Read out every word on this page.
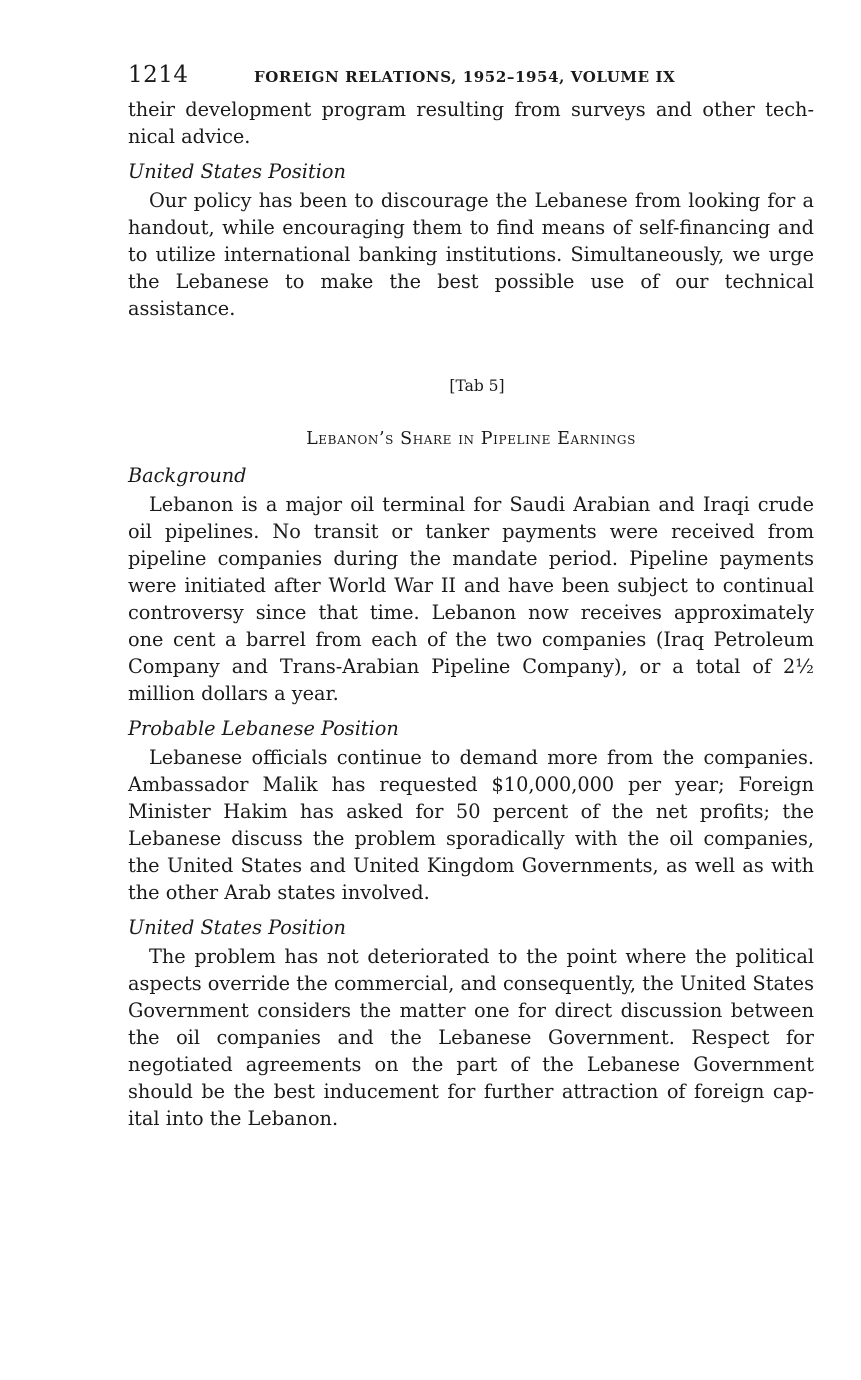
1214	FOREIGN RELATIONS, 1952–1954, VOLUME IX

their development program resulting from surveys and other technical advice.

United States Position

Our policy has been to discourage the Lebanese from looking for a handout, while encouraging them to find means of self-financing and to utilize international banking institutions. Simultaneously, we urge the Lebanese to make the best possible use of our technical assistance.

[Tab 5]
Lebanon’s Share in Pipeline Earnings
Background

Lebanon is a major oil terminal for Saudi Arabian and Iraqi crude oil pipelines. No transit or tanker payments were received from pipeline companies during the mandate period. Pipeline payments were initiated after World War II and have been subject to continual controversy since that time. Lebanon now receives approximately one cent a barrel from each of the two companies (Iraq Petroleum Company and Trans-Arabian Pipeline Company), or a total of 2½ million dollars a year.

Probable Lebanese Position

Lebanese officials continue to demand more from the companies. Ambassador Malik has requested $10,000,000 per year; Foreign Minister Hakim has asked for 50 percent of the net profits; the Lebanese discuss the problem sporadically with the oil companies, the United States and United Kingdom Governments, as well as with the other Arab states involved.

United States Position

The problem has not deteriorated to the point where the political aspects override the commercial, and consequently, the United States Government considers the matter one for direct discussion between the oil companies and the Lebanese Government. Respect for negotiated agreements on the part of the Lebanese Government should be the best inducement for further attraction of foreign capital into the Lebanon.
